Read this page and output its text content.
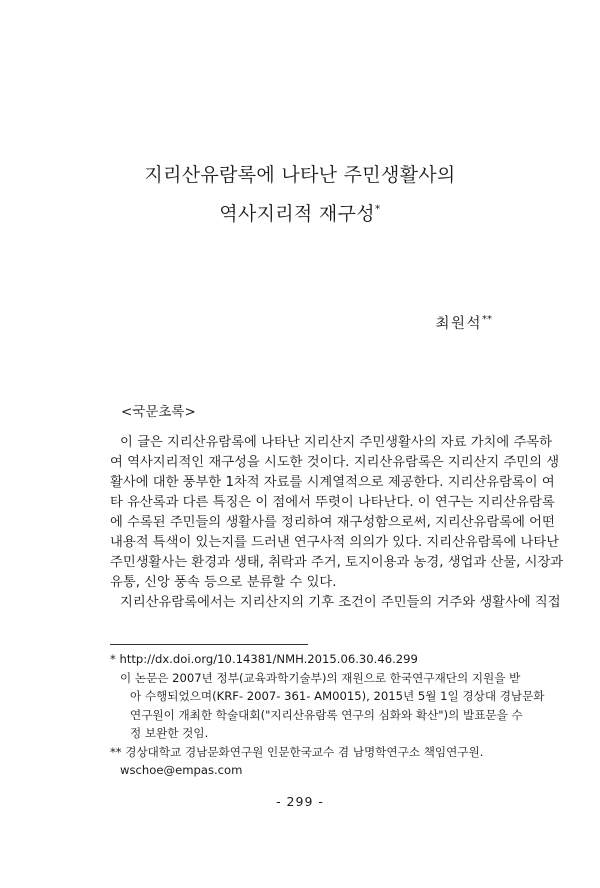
지리산유람록에 나타난 주민생활사의
역사지리적 재구성*
최원석**
<국문초록>
이 글은 지리산유람록에 나타난 지리산지 주민생활사의 자료 가치에 주목하
여 역사지리적인 재구성을 시도한 것이다. 지리산유람록은 지리산지 주민의 생
활사에 대한 풍부한 1차적 자료를 시계열적으로 제공한다. 지리산유람록이 여
타 유산록과 다른 특징은 이 점에서 뚜렷이 나타난다. 이 연구는 지리산유람록
에 수록된 주민들의 생활사를 정리하여 재구성함으로써, 지리산유람록에 어떤
내용적 특색이 있는지를 드러낸 연구사적 의의가 있다. 지리산유람록에 나타난
주민생활사는 환경과 생태, 취락과 주거, 토지이용과 농경, 생업과 산물, 시장과
유통, 신앙 풍속 등으로 분류할 수 있다.
지리산유람록에서는 지리산지의 기후 조건이 주민들의 거주와 생활사에 직접
* http://dx.doi.org/10.14381/NMH.2015.06.30.46.299
이 논문은 2007년 정부(교육과학기술부)의 재원으로 한국연구재단의 지원을 받
아 수행되었으며(KRF- 2007- 361- AM0015), 2015년 5월 1일 경상대 경남문화
연구원이 개최한 학술대회("지리산유람록 연구의 심화와 확산")의 발표문을 수
정 보완한 것임.
** 경상대학교 경남문화연구원 인문한국교수 겸 남명학연구소 책임연구원.
wschoe@empas.com
- 299 -
